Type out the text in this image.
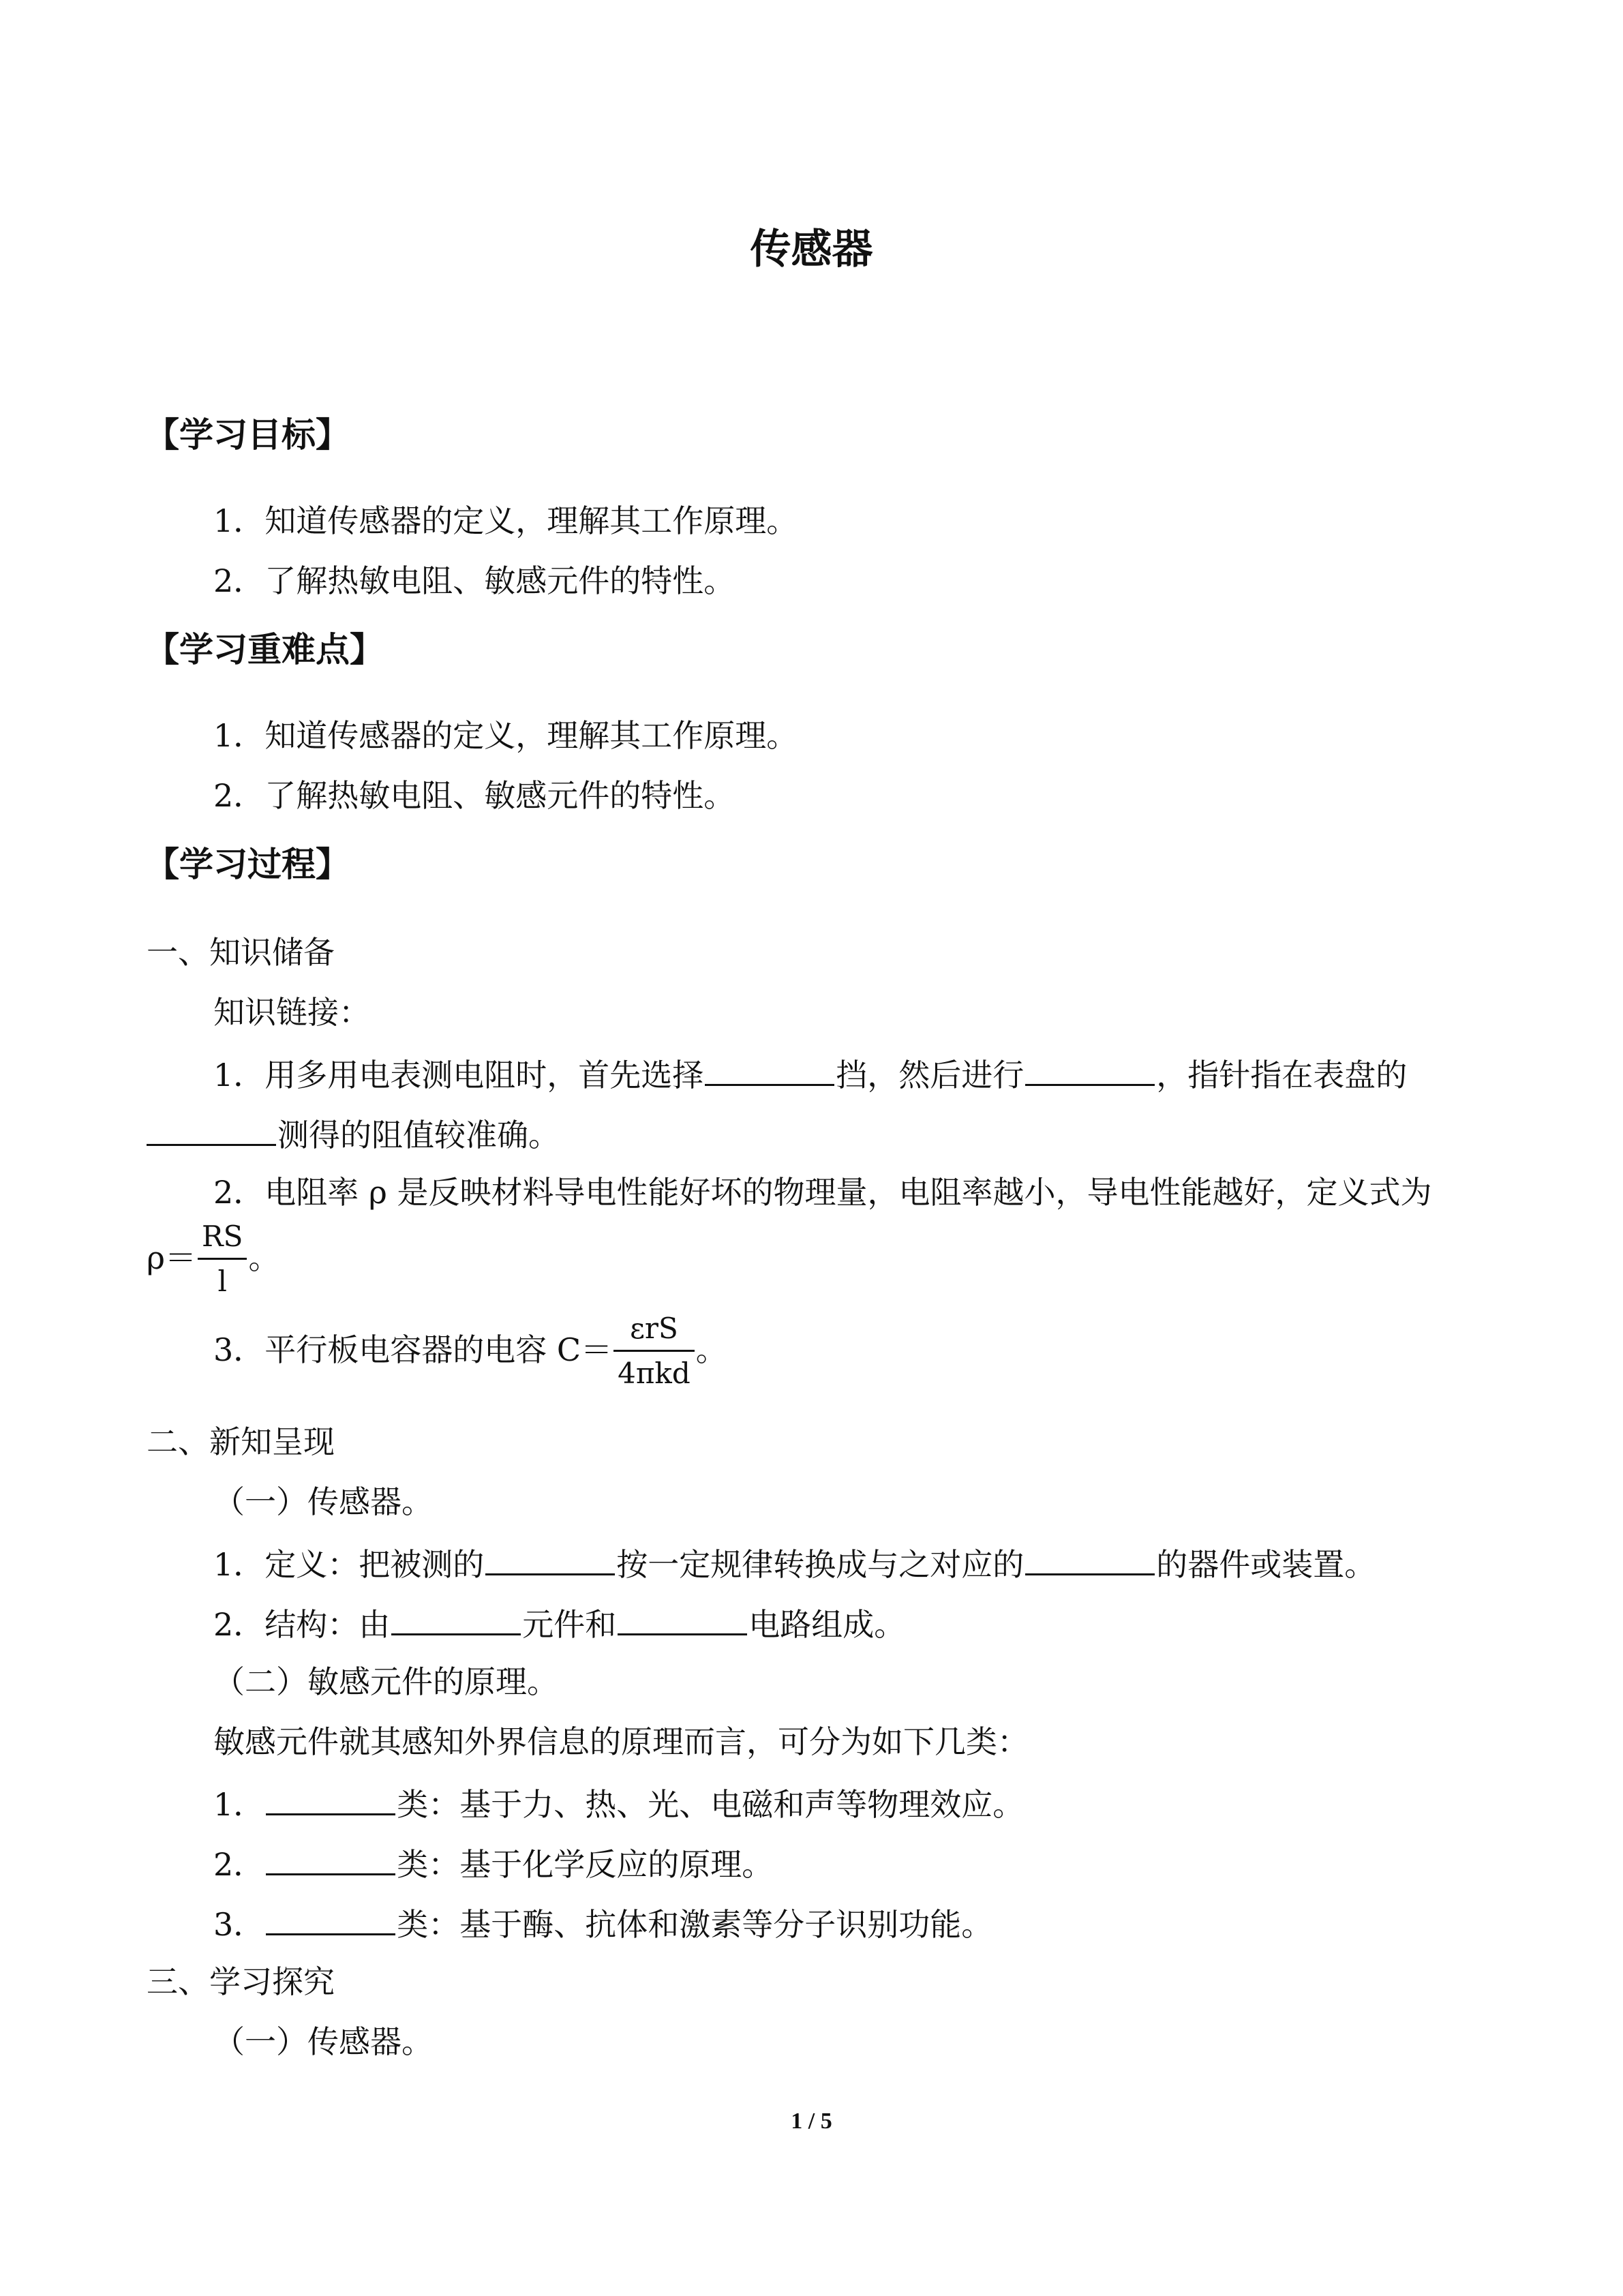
传感器
【学习目标】
1．知道传感器的定义，理解其工作原理。
2．了解热敏电阻、敏感元件的特性。
【学习重难点】
1．知道传感器的定义，理解其工作原理。
2．了解热敏电阻、敏感元件的特性。
【学习过程】
一、知识储备
知识链接：
1．用多用电表测电阻时，首先选择	挡，然后进行	，指针指在表盘的
测得的阻值较准确。
2．电阻率 ρ 是反映材料导电性能好坏的物理量，电阻率越小，导电性能越好，定义式为
$\rho= \frac{RS}{l}$ 。
3．平行板电容器的电容 $C= \frac{\text{εrS}}{\text{4πkd}}$ 。
二、新知呈现
（一）传感器。
1．定义：把被测的	按一定规律转换成与之对应的	的器件或装置。
2．结构：由	元件和	电路组成。
（二）敏感元件的原理。
敏感元件就其感知外界信息的原理而言，可分为如下几类：
1．	类：基于力、热、光、电磁和声等物理效应。
2．	类：基于化学反应的原理。
3．	类：基于酶、抗体和激素等分子识别功能。
三、学习探究
（一）传感器。
1 / 5
